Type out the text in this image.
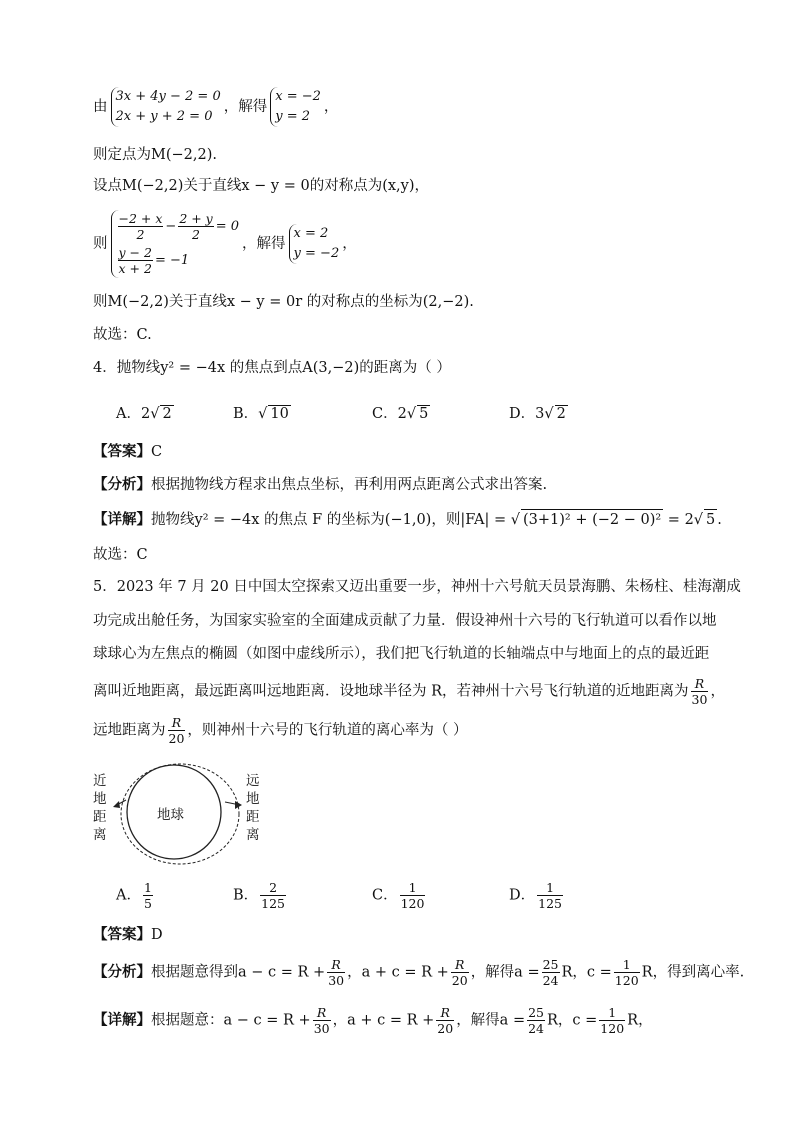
由
3x + 4y − 2 = 0
2x + y + 2 = 0
，解得
x = −2
y = 2
，
则定点为M(−2,2).
设点M(−2,2)关于直线x − y = 0的对称点为(x,y)，
则
$\frac{-2 + x}{2} - \frac{2 + y}{2} = 0$
$\frac{y - 2}{x + 2} = -1$
，解得
x = 2
y = −2
，
则M(−2,2)关于直线x − y = 0r 的对称点的坐标为(2,−2).
故选：C.
4．抛物线y² = −4x 的焦点到点A(3,−2)的距离为（ ）
A．2√ 2	B．√ 10	C．2√ 5	D．3√ 2
【答案】C
【分析】根据抛物线方程求出焦点坐标，再利用两点距离公式求出答案.
【详解】抛物线y² = −4x 的焦点 F 的坐标为(−1,0)，则|FA| = √ (3+1)² + (−2 − 0)² = 2√ 5 .
故选：C
5．2023 年 7 月 20 日中国太空探索又迈出重要一步，神州十六号航天员景海鹏、朱杨柱、桂海潮成
功完成出舱任务，为国家实验室的全面建成贡献了力量．假设神州十六号的飞行轨道可以看作以地
球球心为左焦点的椭圆（如图中虚线所示），我们把飞行轨道的长轴端点中与地面上的点的最近距
离叫近地距离，最远距离叫远地距离．设地球半径为 R，若神州十六号飞行轨道的近地距离为 $\frac{R}{30}$ ，
远地距离为 $\frac{R}{20}$ ，则神州十六号的飞行轨道的离心率为（ ）
地球
近
地
距
离
远
地
距
离
A． $\frac{1}{5}$	B． $\frac{2}{125}$	C． $\frac{1}{120}$	D． $\frac{1}{125}$
【答案】D
【分析】根据题意得到$a - c = R + \frac{R}{30}$ ，$a + c = R + \frac{R}{20}$ ，解得$a = \frac{25}{24}$ R，$c = \frac{1}{120}$ R，得到离心率.
【详解】根据题意：$a - c = R + \frac{R}{30}$ ，$a + c = R + \frac{R}{20}$ ，解得$a = \frac{25}{24}$ R，$c = \frac{1}{120}$ R，
